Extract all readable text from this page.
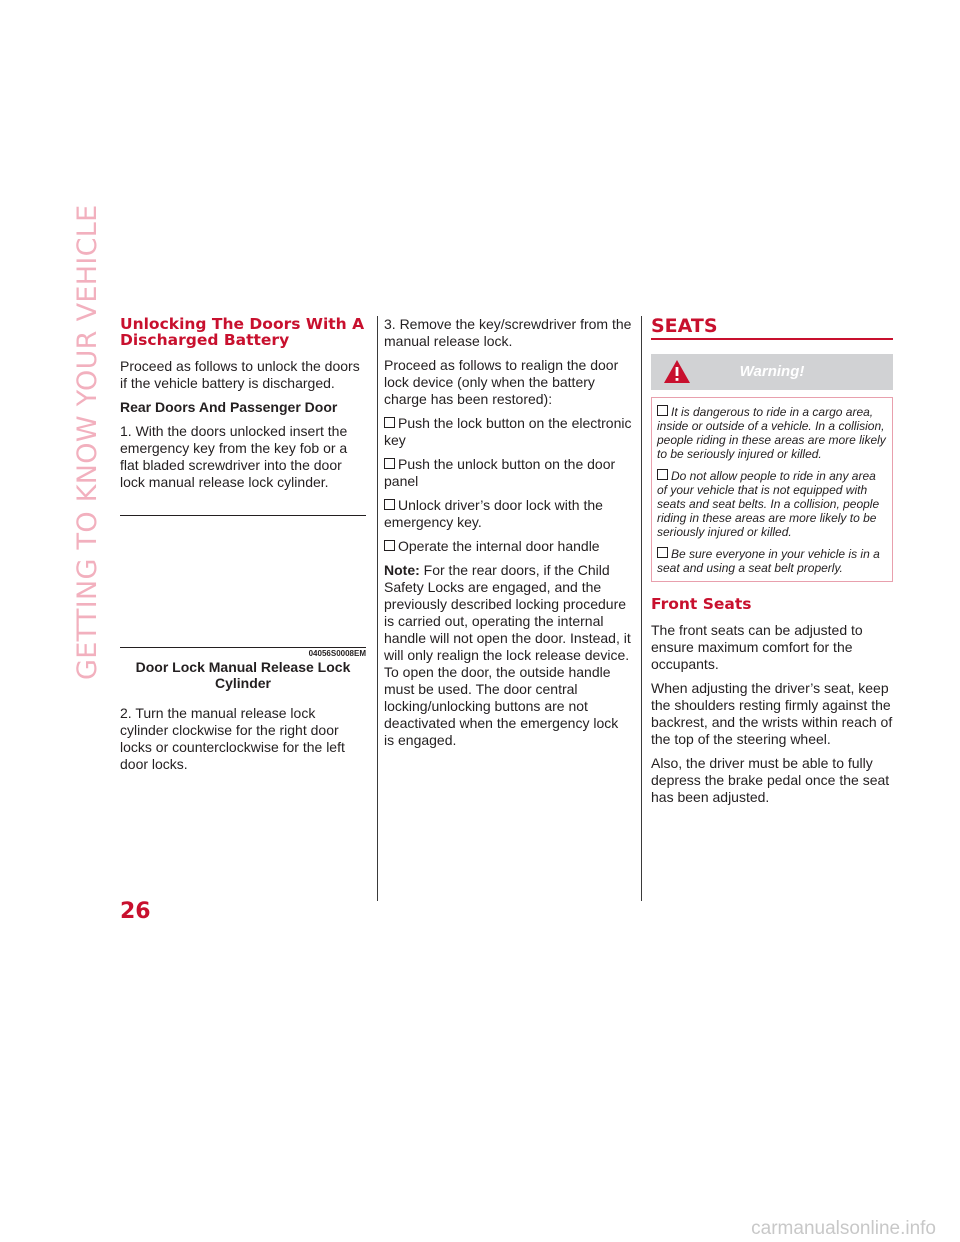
GETTING TO KNOW YOUR VEHICLE Unlocking The Doors With A Discharged Battery

Proceed as follows to unlock the doors if the vehicle battery is discharged.

Rear Doors And Passenger Door

1. With the doors unlocked insert the emergency key from the key fob or a flat bladed screwdriver into the door lock manual release lock cylinder.

04056S0008EM
Door Lock Manual Release Lock Cylinder

2. Turn the manual release lock cylinder clockwise for the right door locks or counterclockwise for the left door locks.

3. Remove the key/screwdriver from the manual release lock.

Proceed as follows to realign the door lock device (only when the battery charge has been restored):

Push the lock button on the electronic key

Push the unlock button on the door panel

Unlock driver’s door lock with the emergency key.

Operate the internal door handle

Note: For the rear doors, if the Child Safety Locks are engaged, and the previously described locking procedure is carried out, operating the internal handle will not open the door. Instead, it will only realign the lock release device. To open the door, the outside handle must be used. The door central locking/unlocking buttons are not deactivated when the emergency lock is engaged.

SEATS
Warning!

It is dangerous to ride in a cargo area, inside or outside of a vehicle. In a collision, people riding in these areas are more likely to be seriously injured or killed.

Do not allow people to ride in any area of your vehicle that is not equipped with seats and seat belts. In a collision, people riding in these areas are more likely to be seriously injured or killed.

Be sure everyone in your vehicle is in a seat and using a seat belt properly.

Front Seats

The front seats can be adjusted to ensure maximum comfort for the occupants.

When adjusting the driver’s seat, keep the shoulders resting firmly against the backrest, and the wrists within reach of the top of the steering wheel.

Also, the driver must be able to fully depress the brake pedal once the seat has been adjusted.

26
carmanualsonline.info
